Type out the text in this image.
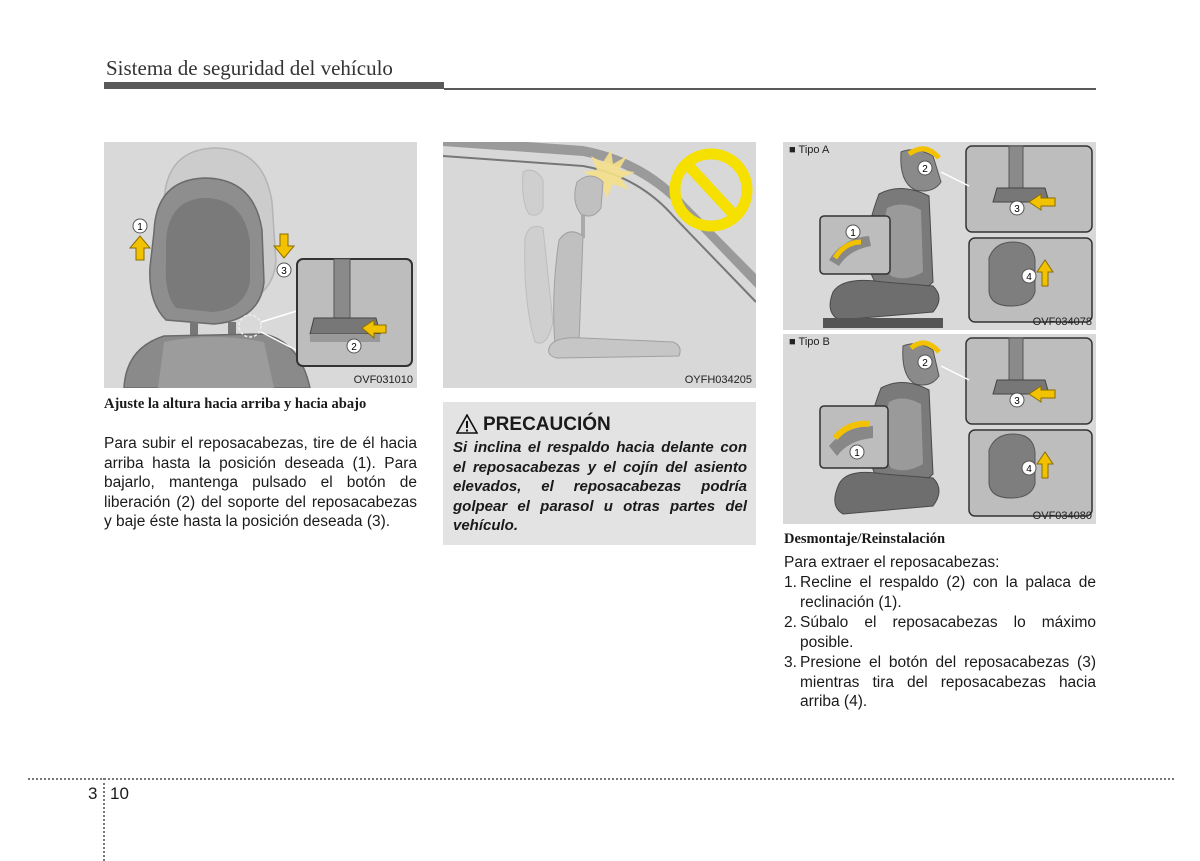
Sistema de seguridad del vehículo
1
3
2
OVF031010
Ajuste la altura hacia arriba y hacia abajo
Para subir el reposacabezas, tire de él hacia arriba hasta la posición deseada (1). Para bajarlo, mantenga pulsado el botón de liberación (2) del soporte del reposacabezas y baje éste hasta la posición deseada (3).
OYFH034205
PRECAUCIÓN
Si inclina el respaldo hacia delante con el reposacabezas y el cojín del asiento elevados, el reposacabezas podría golpear el parasol u otras partes del vehículo.
2
1
3
4
■ Tipo A
OVF034078
2
1
3
4
■ Tipo B
OVF034080
Desmontaje/Reinstalación
Para extraer el reposacabezas:
1. Recline el respaldo (2) con la palaca de reclinación (1).
2. Súbalo el reposacabezas lo máximo posible.
3. Presione el botón del reposacabezas (3) mientras tira del reposacabezas hacia arriba (4).
3 10
